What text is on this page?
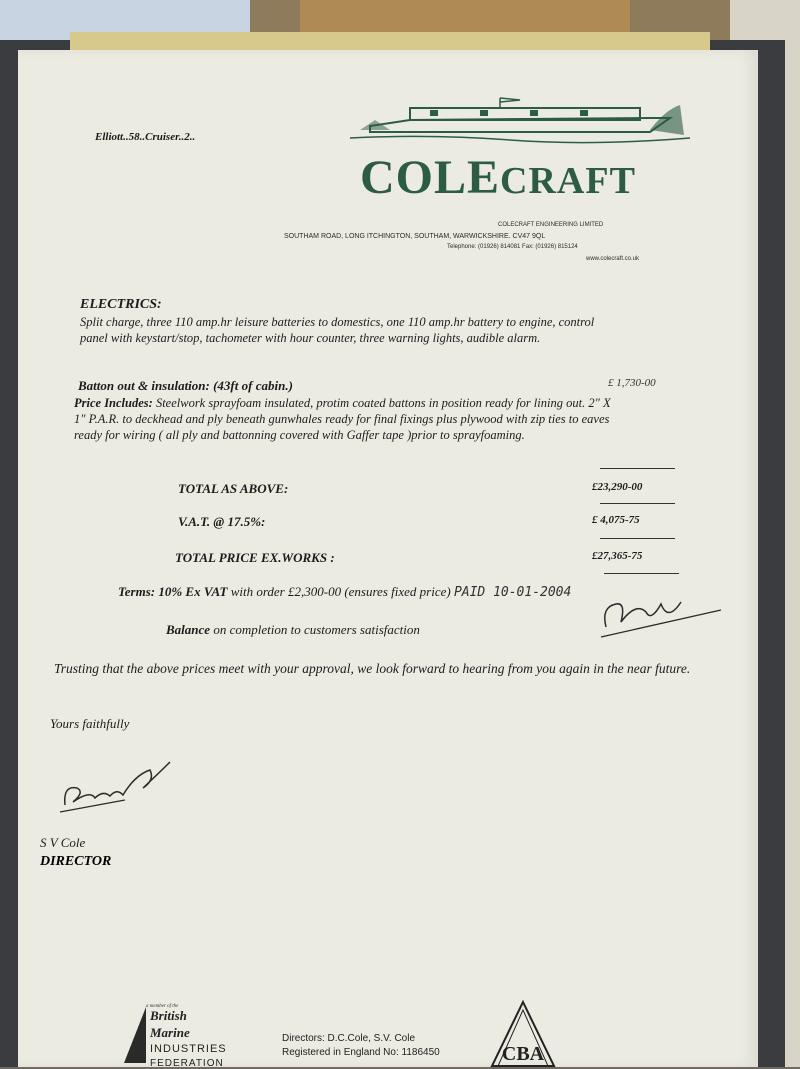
Elliott..58..Cruiser..2..
COLECRAFT
COLECRAFT ENGINEERING LIMITED
SOUTHAM ROAD, LONG ITCHINGTON, SOUTHAM, WARWICKSHIRE. CV47 9QL
Telephone: (01926) 814081 Fax: (01926) 815124
www.colecraft.co.uk
ELECTRICS:
Split charge, three 110 amp.hr leisure batteries to domestics, one 110 amp.hr battery to engine, control panel with keystart/stop, tachometer with hour counter, three warning lights, audible alarm.
Batton out & insulation: (43ft of cabin.)	£ 1,730-00
Price Includes: Steelwork sprayfoam insulated, protim coated battons in position ready for lining out. 2" X 1" P.A.R. to deckhead and ply beneath gunwhales ready for final fixings plus plywood with zip ties to eaves ready for wiring ( all ply and battonning covered with Gaffer tape )prior to sprayfoaming.
TOTAL AS ABOVE:	£23,290-00
V.A.T. @ 17.5%:	£ 4,075-75
TOTAL PRICE EX.WORKS :	£27,365-75
Terms: 10% Ex VAT with order £2,300-00 (ensures fixed price) PAID 10-01-2004
Balance on completion to customers satisfaction
Trusting that the above prices meet with your approval, we look forward to hearing from you again in the near future.
Yours faithfully
S V Cole
DIRECTOR
a member of the
British
Marine
INDUSTRIES
FEDERATION
Directors: D.C.Cole, S.V. Cole
Registered in England No: 1186450	CBA
